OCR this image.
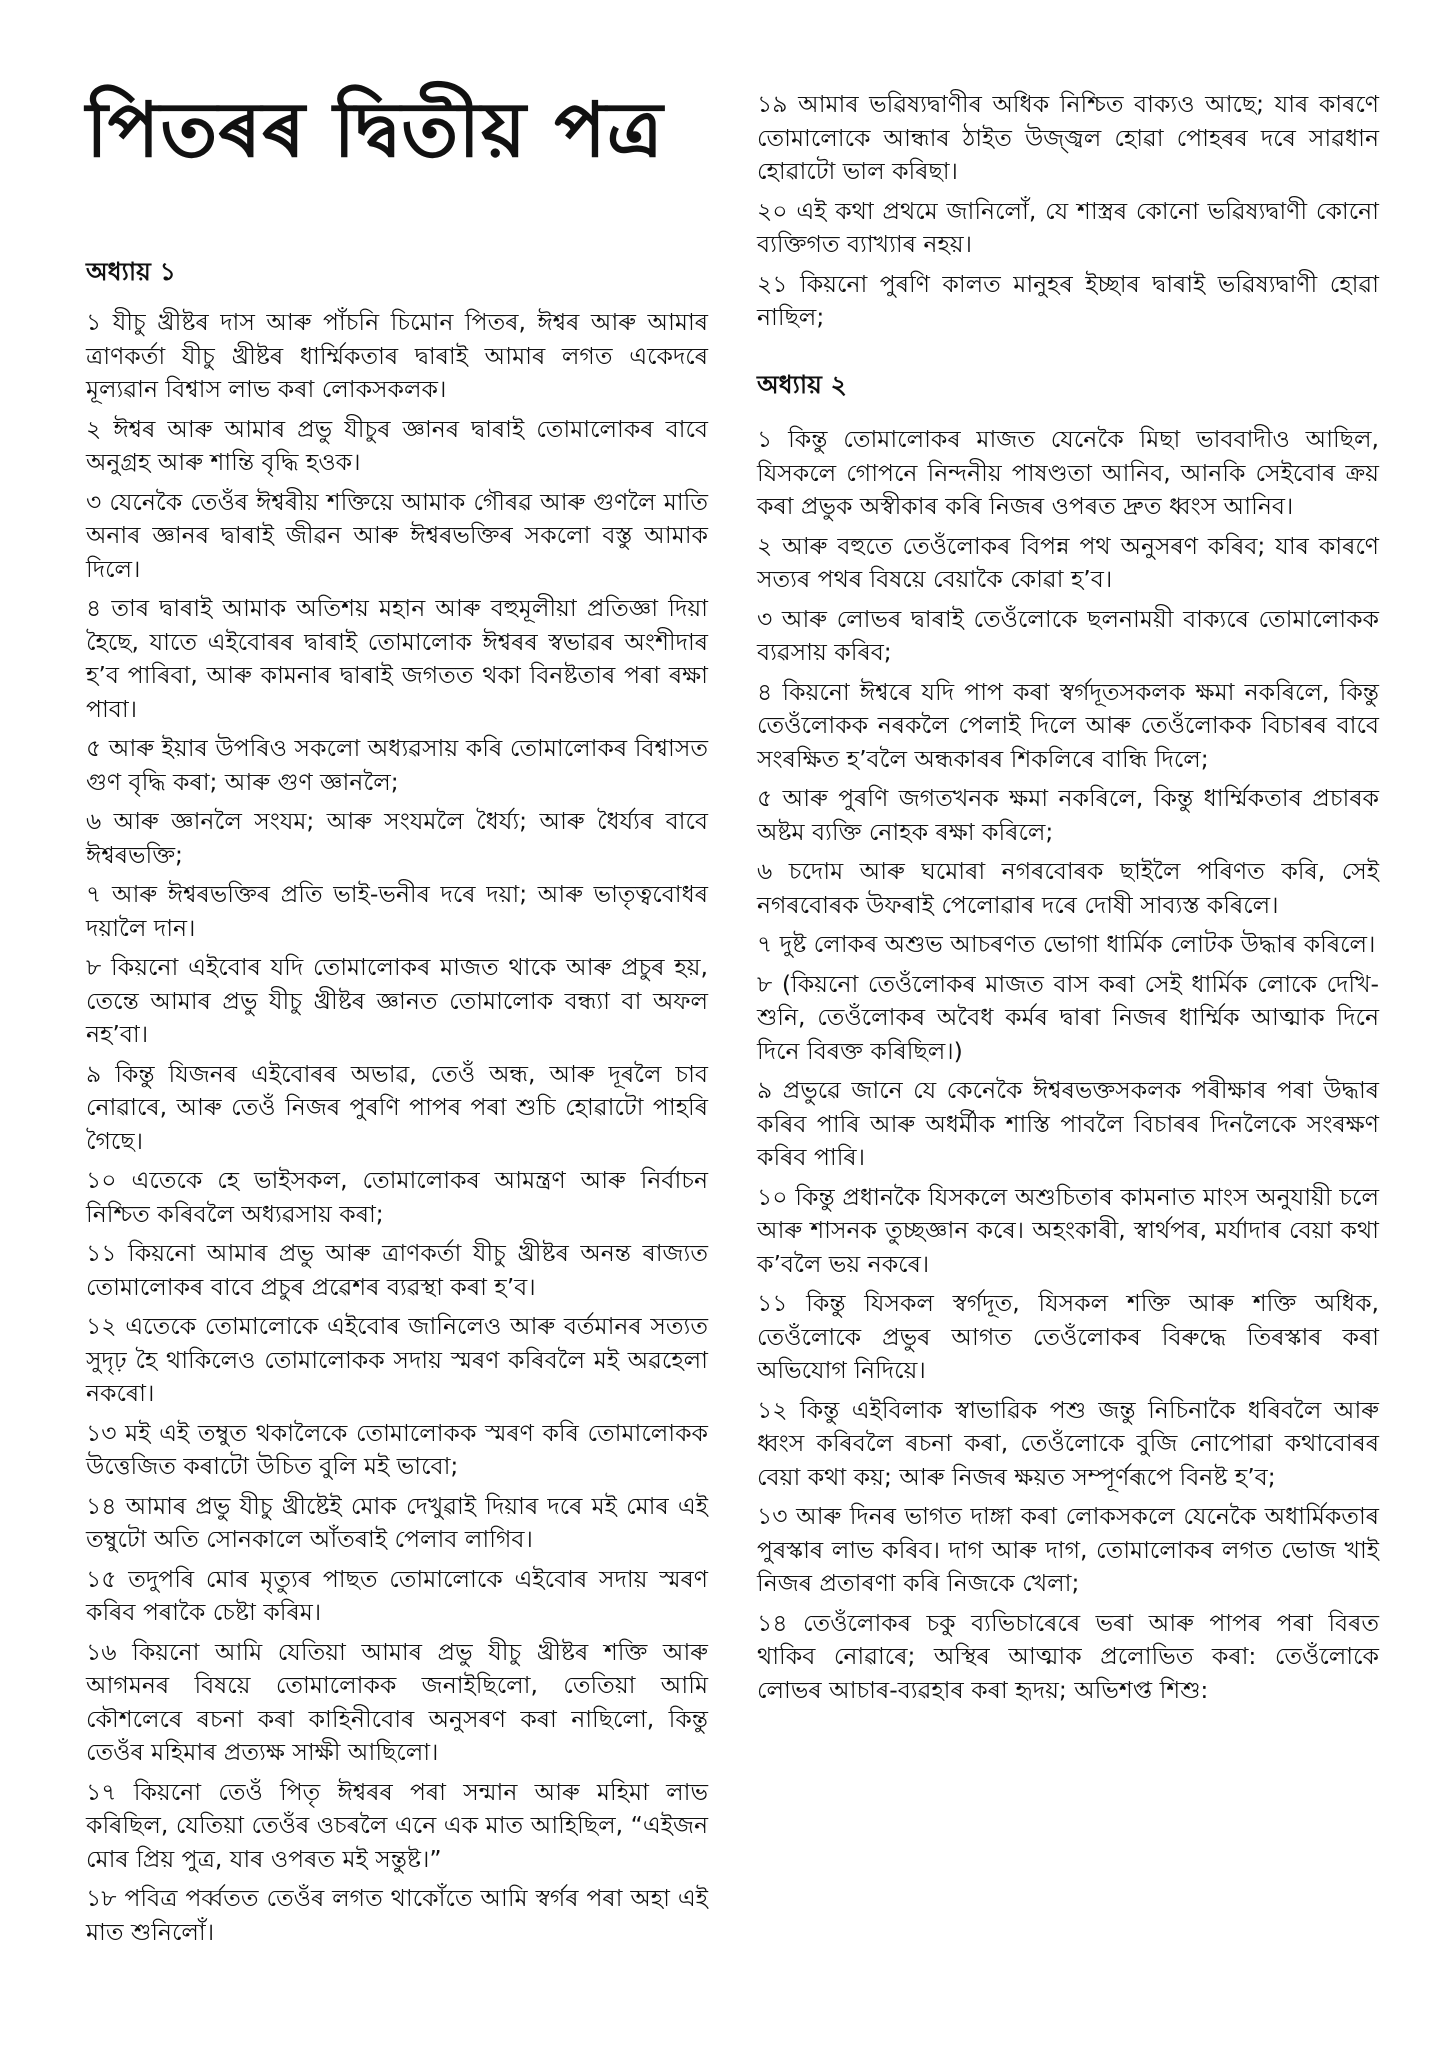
পিতৰৰ দ্বিতীয় পত্ৰ

অধ্যায় ১

১ যীচু খ্ৰীষ্টৰ দাস আৰু পাঁচনি চিমোন পিতৰ, ঈশ্বৰ আৰু আমাৰ ত্ৰাণকৰ্তা যীচু খ্ৰীষ্টৰ ধাৰ্ম্মিকতাৰ দ্বাৰাই আমাৰ লগত একেদৰে মূল্যৱান বিশ্বাস লাভ কৰা লোকসকলক।

২ ঈশ্বৰ আৰু আমাৰ প্ৰভু যীচুৰ জ্ঞানৰ দ্বাৰাই তোমালোকৰ বাবে অনুগ্ৰহ আৰু শান্তি বৃদ্ধি হওক।

৩ যেনেকৈ তেওঁৰ ঈশ্বৰীয় শক্তিয়ে আমাক গৌৰৱ আৰু গুণলৈ মাতি অনাৰ জ্ঞানৰ দ্বাৰাই জীৱন আৰু ঈশ্বৰভক্তিৰ সকলো বস্তু আমাক দিলে।

৪ তাৰ দ্বাৰাই আমাক অতিশয় মহান আৰু বহুমূলীয়া প্ৰতিজ্ঞা দিয়া হৈছে, যাতে এইবোৰৰ দ্বাৰাই তোমালোক ঈশ্বৰৰ স্বভাৱৰ অংশীদাৰ হ’ব পাৰিবা, আৰু কামনাৰ দ্বাৰাই জগতত থকা বিনষ্টতাৰ পৰা ৰক্ষা পাবা।

৫ আৰু ইয়াৰ উপৰিও সকলো অধ্যৱসায় কৰি তোমালোকৰ বিশ্বাসত গুণ বৃদ্ধি কৰা; আৰু গুণ জ্ঞানলৈ;

৬ আৰু জ্ঞানলৈ সংযম; আৰু সংযমলৈ ধৈৰ্য্য; আৰু ধৈৰ্য্যৰ বাবে ঈশ্বৰভক্তি;

৭ আৰু ঈশ্বৰভক্তিৰ প্ৰতি ভাই-ভনীৰ দৰে দয়া; আৰু ভাতৃত্ববোধৰ দয়ালৈ দান।

৮ কিয়নো এইবোৰ যদি তোমালোকৰ মাজত থাকে আৰু প্ৰচুৰ হয়, তেন্তে আমাৰ প্ৰভু যীচু খ্ৰীষ্টৰ জ্ঞানত তোমালোক বন্ধ্যা বা অফল নহ’বা।

৯ কিন্তু যিজনৰ এইবোৰৰ অভাৱ, তেওঁ অন্ধ, আৰু দূৰলৈ চাব নোৱাৰে, আৰু তেওঁ নিজৰ পুৰণি পাপৰ পৰা শুচি হোৱাটো পাহৰি গৈছে।

১০ এতেকে হে ভাইসকল, তোমালোকৰ আমন্ত্ৰণ আৰু নিৰ্বাচন নিশ্চিত কৰিবলৈ অধ্যৱসায় কৰা;

১১ কিয়নো আমাৰ প্ৰভু আৰু ত্ৰাণকৰ্তা যীচু খ্ৰীষ্টৰ অনন্ত ৰাজ্যত তোমালোকৰ বাবে প্ৰচুৰ প্ৰৱেশৰ ব্যৱস্থা কৰা হ’ব।

১২ এতেকে তোমালোকে এইবোৰ জানিলেও আৰু বৰ্তমানৰ সত্যত সুদৃঢ় হৈ থাকিলেও তোমালোকক সদায় স্মৰণ কৰিবলৈ মই অৱহেলা নকৰো।

১৩ মই এই তম্বুত থকালৈকে তোমালোকক স্মৰণ কৰি তোমালোকক উত্তেজিত কৰাটো উচিত বুলি মই ভাবো;

১৪ আমাৰ প্ৰভু যীচু খ্ৰীষ্টেই মোক দেখুৱাই দিয়াৰ দৰে মই মোৰ এই তম্বুটো অতি সোনকালে আঁতৰাই পেলাব লাগিব।

১৫ তদুপৰি মোৰ মৃত্যুৰ পাছত তোমালোকে এইবোৰ সদায় স্মৰণ কৰিব পৰাকৈ চেষ্টা কৰিম।

১৬ কিয়নো আমি যেতিয়া আমাৰ প্ৰভু যীচু খ্ৰীষ্টৰ শক্তি আৰু আগমনৰ বিষয়ে তোমালোকক জনাইছিলো, তেতিয়া আমি কৌশলেৰে ৰচনা কৰা কাহিনীবোৰ অনুসৰণ কৰা নাছিলো, কিন্তু তেওঁৰ মহিমাৰ প্ৰত্যক্ষ সাক্ষী আছিলো।

১৭ কিয়নো তেওঁ পিতৃ ঈশ্বৰৰ পৰা সন্মান আৰু মহিমা লাভ কৰিছিল, যেতিয়া তেওঁৰ ওচৰলৈ এনে এক মাত আহিছিল, “এইজন মোৰ প্ৰিয় পুত্ৰ, যাৰ ওপৰত মই সন্তুষ্ট।”

১৮ পবিত্ৰ পৰ্ব্বতত তেওঁৰ লগত থাকোঁতে আমি স্বৰ্গৰ পৰা অহা এই মাত শুনিলোঁ।

১৯ আমাৰ ভৱিষ্যদ্বাণীৰ অধিক নিশ্চিত বাক্যও আছে; যাৰ কাৰণে তোমালোকে আন্ধাৰ ঠাইত উজ্জ্বল হোৱা পোহৰৰ দৰে সাৱধান হোৱাটো ভাল কৰিছা।

২০ এই কথা প্ৰথমে জানিলোঁ, যে শাস্ত্ৰৰ কোনো ভৱিষ্যদ্বাণী কোনো ব্যক্তিগত ব্যাখ্যাৰ নহয়।

২১ কিয়নো পুৰণি কালত মানুহৰ ইচ্ছাৰ দ্বাৰাই ভৱিষ্যদ্বাণী হোৱা নাছিল;

অধ্যায় ২

১ কিন্তু তোমালোকৰ মাজত যেনেকৈ মিছা ভাববাদীও আছিল, যিসকলে গোপনে নিন্দনীয় পাষণ্ডতা আনিব, আনকি সেইবোৰ ক্ৰয় কৰা প্ৰভুক অস্বীকাৰ কৰি নিজৰ ওপৰত দ্ৰুত ধ্বংস আনিব।

২ আৰু বহুতে তেওঁলোকৰ বিপন্ন পথ অনুসৰণ কৰিব; যাৰ কাৰণে সত্যৰ পথৰ বিষয়ে বেয়াকৈ কোৱা হ’ব।

৩ আৰু লোভৰ দ্বাৰাই তেওঁলোকে ছলনাময়ী বাক্যৰে তোমালোকক ব্যৱসায় কৰিব;

৪ কিয়নো ঈশ্বৰে যদি পাপ কৰা স্বৰ্গদূতসকলক ক্ষমা নকৰিলে, কিন্তু তেওঁলোকক নৰকলৈ পেলাই দিলে আৰু তেওঁলোকক বিচাৰৰ বাবে সংৰক্ষিত হ’বলৈ অন্ধকাৰৰ শিকলিৰে বান্ধি দিলে;

৫ আৰু পুৰণি জগতখনক ক্ষমা নকৰিলে, কিন্তু ধাৰ্ম্মিকতাৰ প্ৰচাৰক অষ্টম ব্যক্তি নোহক ৰক্ষা কৰিলে;

৬ চদোম আৰু ঘমোৰা নগৰবোৰক ছাইলৈ পৰিণত কৰি, সেই নগৰবোৰক উফৰাই পেলোৱাৰ দৰে দোষী সাব্যস্ত কৰিলে।

৭ দুষ্ট লোকৰ অশুভ আচৰণত ভোগা ধাৰ্মিক লোটক উদ্ধাৰ কৰিলে।

৮ (কিয়নো তেওঁলোকৰ মাজত বাস কৰা সেই ধাৰ্মিক লোকে দেখি-শুনি, তেওঁলোকৰ অবৈধ কৰ্মৰ দ্বাৰা নিজৰ ধাৰ্ম্মিক আত্মাক দিনে দিনে বিৰক্ত কৰিছিল।)

৯ প্ৰভুৱে জানে যে কেনেকৈ ঈশ্বৰভক্তসকলক পৰীক্ষাৰ পৰা উদ্ধাৰ কৰিব পাৰি আৰু অধৰ্মীক শাস্তি পাবলৈ বিচাৰৰ দিনলৈকে সংৰক্ষণ কৰিব পাৰি।

১০ কিন্তু প্ৰধানকৈ যিসকলে অশুচিতাৰ কামনাত মাংস অনুযায়ী চলে আৰু শাসনক তুচ্ছজ্ঞান কৰে। অহংকাৰী, স্বাৰ্থপৰ, মৰ্যাদাৰ বেয়া কথা ক’বলৈ ভয় নকৰে।

১১ কিন্তু যিসকল স্বৰ্গদূত, যিসকল শক্তি আৰু শক্তি অধিক, তেওঁলোকে প্ৰভুৰ আগত তেওঁলোকৰ বিৰুদ্ধে তিৰস্কাৰ কৰা অভিযোগ নিদিয়ে।

১২ কিন্তু এইবিলাক স্বাভাৱিক পশু জন্তু নিচিনাকৈ ধৰিবলৈ আৰু ধ্বংস কৰিবলৈ ৰচনা কৰা, তেওঁলোকে বুজি নোপোৱা কথাবোৰৰ বেয়া কথা কয়; আৰু নিজৰ ক্ষয়ত সম্পূৰ্ণৰূপে বিনষ্ট হ’ব;

১৩ আৰু দিনৰ ভাগত দাঙ্গা কৰা লোকসকলে যেনেকৈ অধাৰ্মিকতাৰ পুৰস্কাৰ লাভ কৰিব। দাগ আৰু দাগ, তোমালোকৰ লগত ভোজ খাই নিজৰ প্ৰতাৰণা কৰি নিজকে খেলা;

১৪ তেওঁলোকৰ চকু ব্যভিচাৰেৰে ভৰা আৰু পাপৰ পৰা বিৰত থাকিব নোৱাৰে; অস্থিৰ আত্মাক প্ৰলোভিত কৰা: তেওঁলোকে লোভৰ আচাৰ-ব্যৱহাৰ কৰা হৃদয়; অভিশপ্ত শিশু:
